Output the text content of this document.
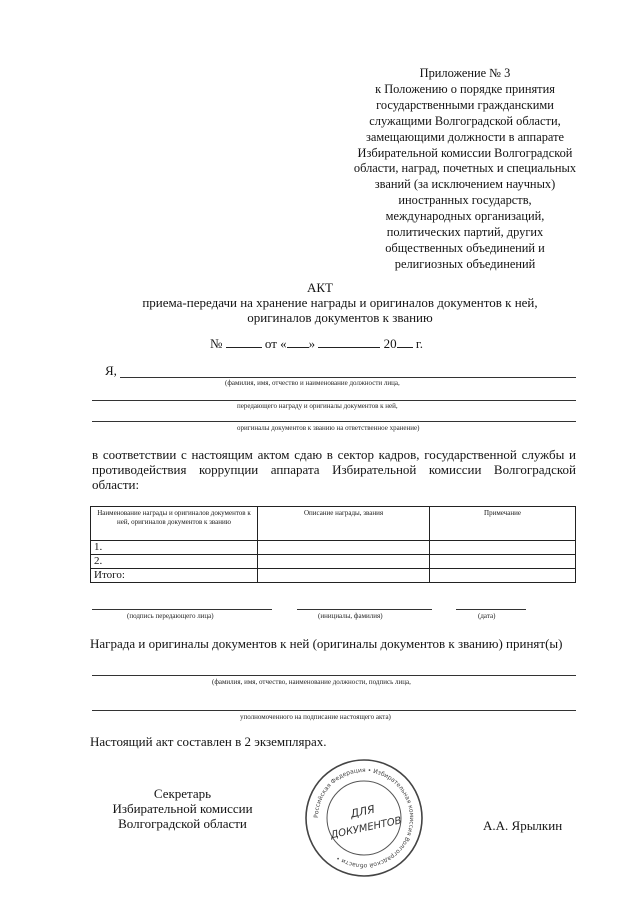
Приложение № 3
к Положению о порядке принятия
государственными гражданскими
служащими Волгоградской области,
замещающими должности в аппарате
Избирательной комиссии Волгоградской
области, наград, почетных и специальных
званий (за исключением научных)
иностранных государств,
международных организаций,
политических партий, других
общественных объединений и
религиозных объединений
АКТ
приема-передачи на хранение награды и оригиналов документов к ней,
оригиналов документов к званию
№	от « »	20 г.
Я,
(фамилия, имя, отчество и наименование должности лица,
передающего награду и оригиналы документов к ней,
оригиналы документов к званию на ответственное хранение)
в соответствии с настоящим актом сдаю в сектор кадров, государственной службы и противодействия коррупции аппарата Избирательной комиссии Волгоградской области:
Наименование награды и оригиналов документов к ней, оригиналов документов к званию	Описание награды, звания	Примечание
1.		
2.		
Итого:		
(подпись передающего лица)	(инициалы, фамилия)	(дата)
Награда и оригиналы документов к ней (оригиналы документов к званию) принят(ы)
(фамилия, имя, отчество, наименование должности, подпись лица,
уполномоченного на подписание настоящего акта)
Настоящий акт составлен в 2 экземплярах.
Секретарь
Избирательной комиссии
Волгоградской области	А.А. Ярылкин
Российская Федерация • Избирательная комиссия Волгоградской области •
ДЛЯ
ДОКУМЕНТОВ
